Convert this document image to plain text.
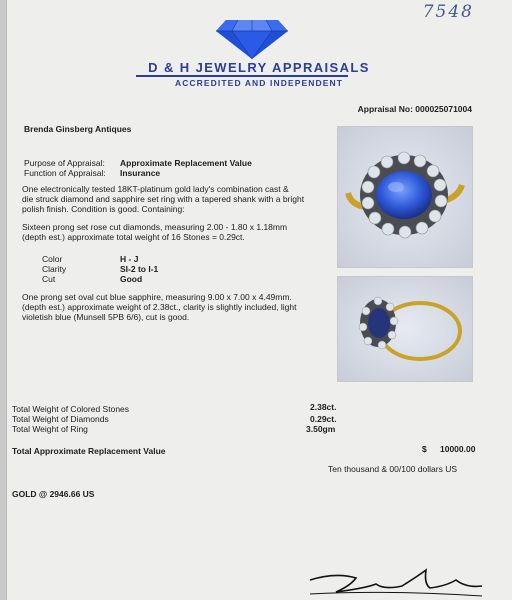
7548
D & H JEWELRY APPRAISALS
ACCREDITED AND INDEPENDENT
Appraisal No: 000025071004
Brenda Ginsberg Antiques
Purpose of Appraisal: Approximate Replacement Value
Function of Appraisal: Insurance
One electronically tested 18KT-platinum gold lady's combination cast &
die struck diamond and sapphire set ring with a tapered shank with a bright
polish finish. Condition is good. Containing:
Sixteen prong set rose cut diamonds, measuring 2.00 - 1.80 x 1.18mm
(depth est.) approximate total weight of 16 Stones = 0.29ct.
Color	H - J
Clarity	SI-2 to I-1
Cut	Good
One prong set oval cut blue sapphire, measuring 9.00 x 7.00 x 4.49mm.
(depth est.) approximate weight of 2.38ct., clarity is slightly included, light
violetish blue (Munsell 5PB 6/6), cut is good.
Total Weight of Colored Stones	2.38ct.
Total Weight of Diamonds	0.29ct.
Total Weight of Ring	3.50gm
Total Approximate Replacement Value	$ 10000.00
Ten thousand & 00/100 dollars US
GOLD @ 2946.66 US
